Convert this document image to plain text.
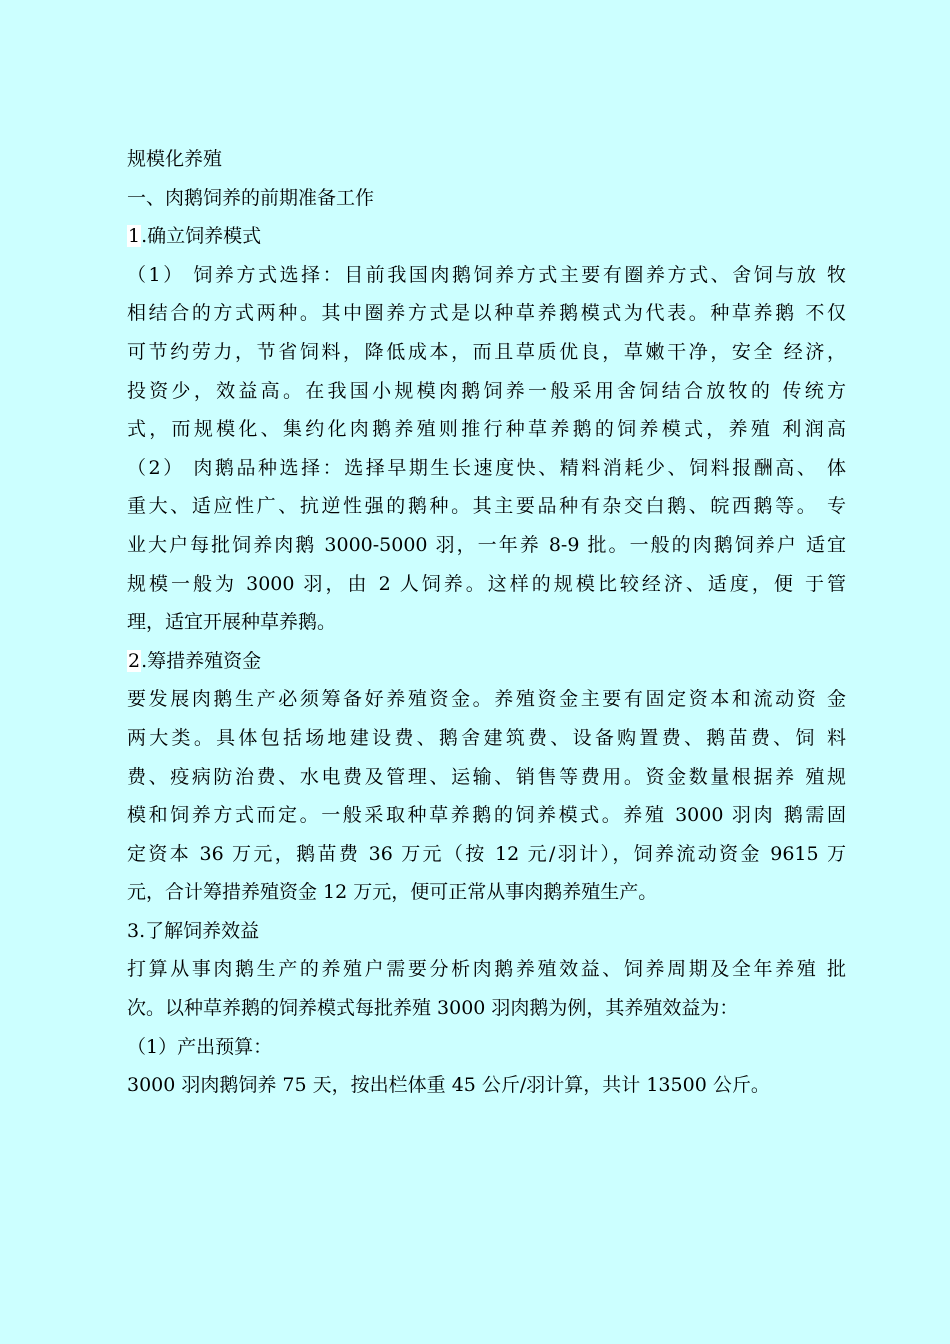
规模化养殖
一、肉鹅饲养的前期准备工作
1.确立饲养模式
（1） 饲养方式选择：目前我国肉鹅饲养方式主要有圈养方式、舍饲与放 牧
相结合的方式两种。其中圈养方式是以种草养鹅模式为代表。种草养鹅 不仅
可节约劳力，节省饲料，降低成本，而且草质优良，草嫩干净，安全 经济，
投资少，效益高。在我国小规模肉鹅饲养一般采用舍饲结合放牧的 传统方
式，而规模化、集约化肉鹅养殖则推行种草养鹅的饲养模式，养殖 利润高
（2） 肉鹅品种选择：选择早期生长速度快、精料消耗少、饲料报酬高、 体
重大、适应性广、抗逆性强的鹅种。其主要品种有杂交白鹅、皖西鹅等。 专
业大户每批饲养肉鹅 3000-5000 羽，一年养 8-9 批。一般的肉鹅饲养户 适宜
规模一般为 3000 羽，由 2 人饲养。这样的规模比较经济、适度，便 于管
理，适宜开展种草养鹅。
2.筹措养殖资金
要发展肉鹅生产必须筹备好养殖资金。养殖资金主要有固定资本和流动资 金
两大类。具体包括场地建设费、鹅舍建筑费、设备购置费、鹅苗费、饲 料
费、疫病防治费、水电费及管理、运输、销售等费用。资金数量根据养 殖规
模和饲养方式而定。一般采取种草养鹅的饲养模式。养殖 3000 羽肉 鹅需固
定资本 36 万元，鹅苗费 36 万元（按 12 元/羽计），饲养流动资金 9615 万
元，合计筹措养殖资金 12 万元，便可正常从事肉鹅养殖生产。
3.了解饲养效益
打算从事肉鹅生产的养殖户需要分析肉鹅养殖效益、饲养周期及全年养殖 批
次。以种草养鹅的饲养模式每批养殖 3000 羽肉鹅为例，其养殖效益为：
（1）产出预算：
3000 羽肉鹅饲养 75 天，按出栏体重 45 公斤/羽计算，共计 13500 公斤。
